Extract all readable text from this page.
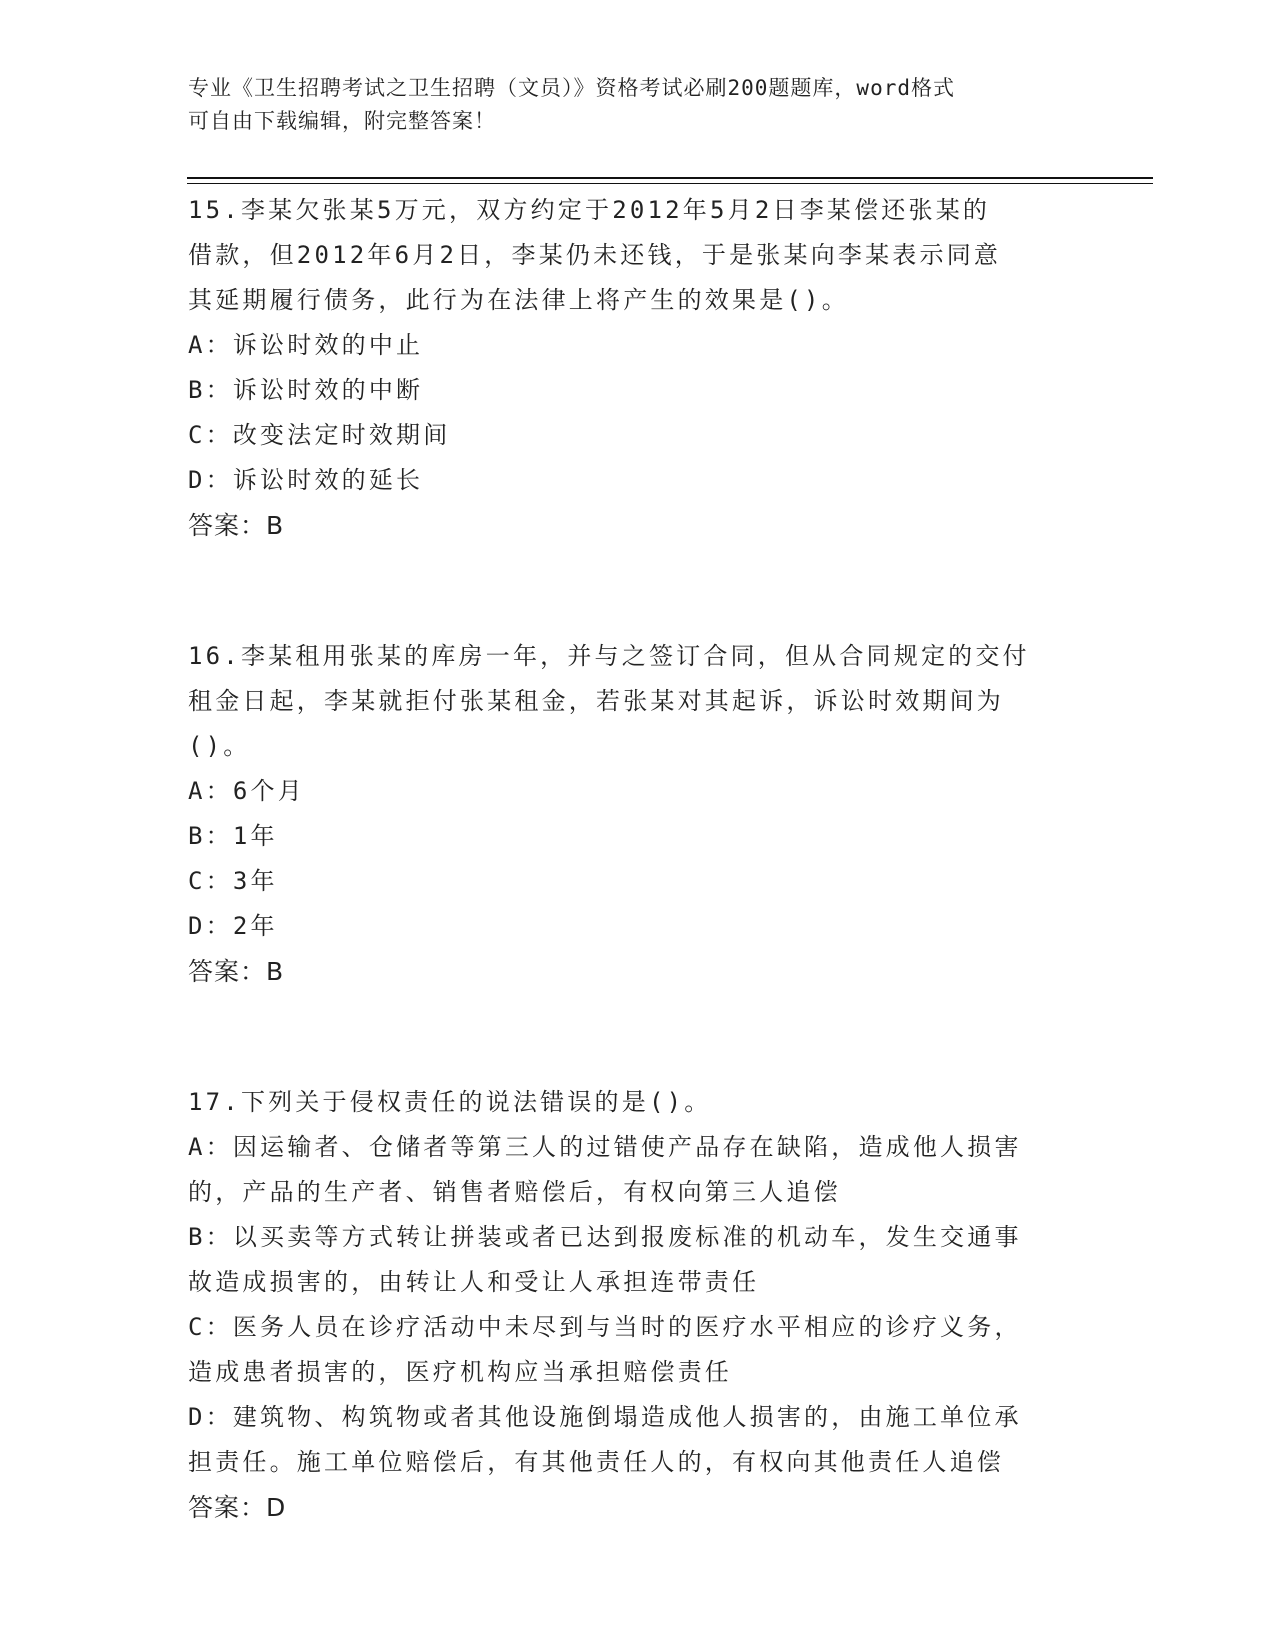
专业《卫生招聘考试之卫生招聘（文员）》资格考试必刷200题题库，word格式
可自由下载编辑，附完整答案！
15.李某欠张某5万元，双方约定于2012年5月2日李某偿还张某的
借款，但2012年6月2日，李某仍未还钱，于是张某向李某表示同意
其延期履行债务，此行为在法律上将产生的效果是()。
A：诉讼时效的中止
B：诉讼时效的中断
C：改变法定时效期间
D：诉讼时效的延长
答案：B
16.李某租用张某的库房一年，并与之签订合同，但从合同规定的交付
租金日起，李某就拒付张某租金，若张某对其起诉，诉讼时效期间为
()。
A：6个月
B：1年
C：3年
D：2年
答案：B
17.下列关于侵权责任的说法错误的是()。
A：因运输者、仓储者等第三人的过错使产品存在缺陷，造成他人损害
的，产品的生产者、销售者赔偿后，有权向第三人追偿
B：以买卖等方式转让拼装或者已达到报废标准的机动车，发生交通事
故造成损害的，由转让人和受让人承担连带责任
C：医务人员在诊疗活动中未尽到与当时的医疗水平相应的诊疗义务，
造成患者损害的，医疗机构应当承担赔偿责任
D：建筑物、构筑物或者其他设施倒塌造成他人损害的，由施工单位承
担责任。施工单位赔偿后，有其他责任人的，有权向其他责任人追偿
答案：D
